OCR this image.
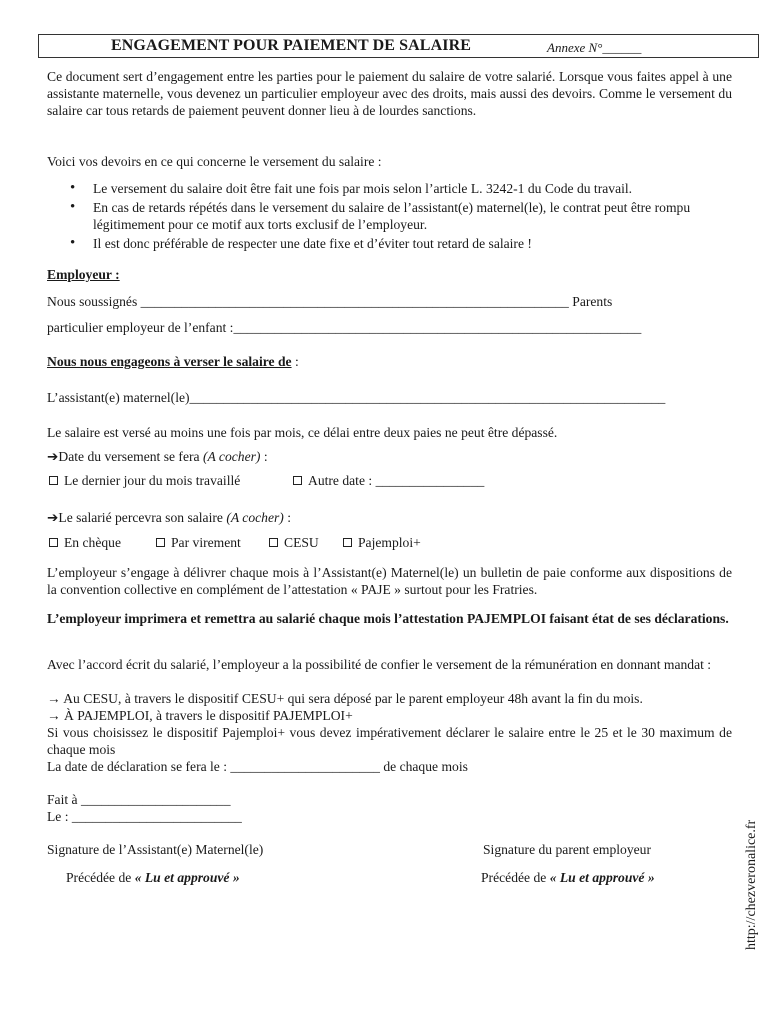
ENGAGEMENT POUR PAIEMENT DE SALAIRE	Annexe N°______
Ce document sert d’engagement entre les parties pour le paiement du salaire de votre salarié. Lorsque vous faites appel à une assistante maternelle, vous devenez un particulier employeur avec des droits, mais aussi des devoirs. Comme le versement du salaire car tous retards de paiement peuvent donner lieu à de lourdes sanctions.
Voici vos devoirs en ce qui concerne le versement du salaire :
• Le versement du salaire doit être fait une fois par mois selon l’article L. 3242-1 du Code du travail.
• En cas de retards répétés dans le versement du salaire de l’assistant(e) maternel(le), le contrat peut être rompu légitimement pour ce motif aux torts exclusif de l’employeur.
• Il est donc préférable de respecter une date fixe et d’éviter tout retard de salaire !
Employeur :
Nous soussignés _______________________________________________________________ Parents
particulier employeur de l’enfant :____________________________________________________________
Nous nous engageons à verser le salaire de :
L’assistant(e) maternel(le)______________________________________________________________________
Le salaire est versé au moins une fois par mois, ce délai entre deux paies ne peut être dépassé.
➔Date du versement se fera (A cocher) :
Le dernier jour du mois travaillé	Autre date : ________________
➔Le salarié percevra son salaire (A cocher) :
En chèque	Par virement	CESU	Pajemploi+
L’employeur s’engage à délivrer chaque mois à l’Assistant(e) Maternel(le) un bulletin de paie conforme aux dispositions de la convention collective en complément de l’attestation « PAJE » surtout pour les Fratries.
L’employeur imprimera et remettra au salarié chaque mois l’attestation PAJEMPLOI faisant état de ses déclarations.
Avec l’accord écrit du salarié, l’employeur a la possibilité de confier le versement de la rémunération en donnant mandat :
→ Au CESU, à travers le dispositif CESU+ qui sera déposé par le parent employeur 48h avant la fin du mois.
→ À PAJEMPLOI, à travers le dispositif PAJEMPLOI+
Si vous choisissez le dispositif Pajemploi+ vous devez impérativement déclarer le salaire entre le 25 et le 30 maximum de chaque mois
La date de déclaration se fera le : ______________________ de chaque mois
Fait à ______________________
Le : _________________________
Signature de l’Assistant(e) Maternel(le)	Signature du parent employeur
Précédée de « Lu et approuvé »	Précédée de « Lu et approuvé »	http://chezveronalice.fr
